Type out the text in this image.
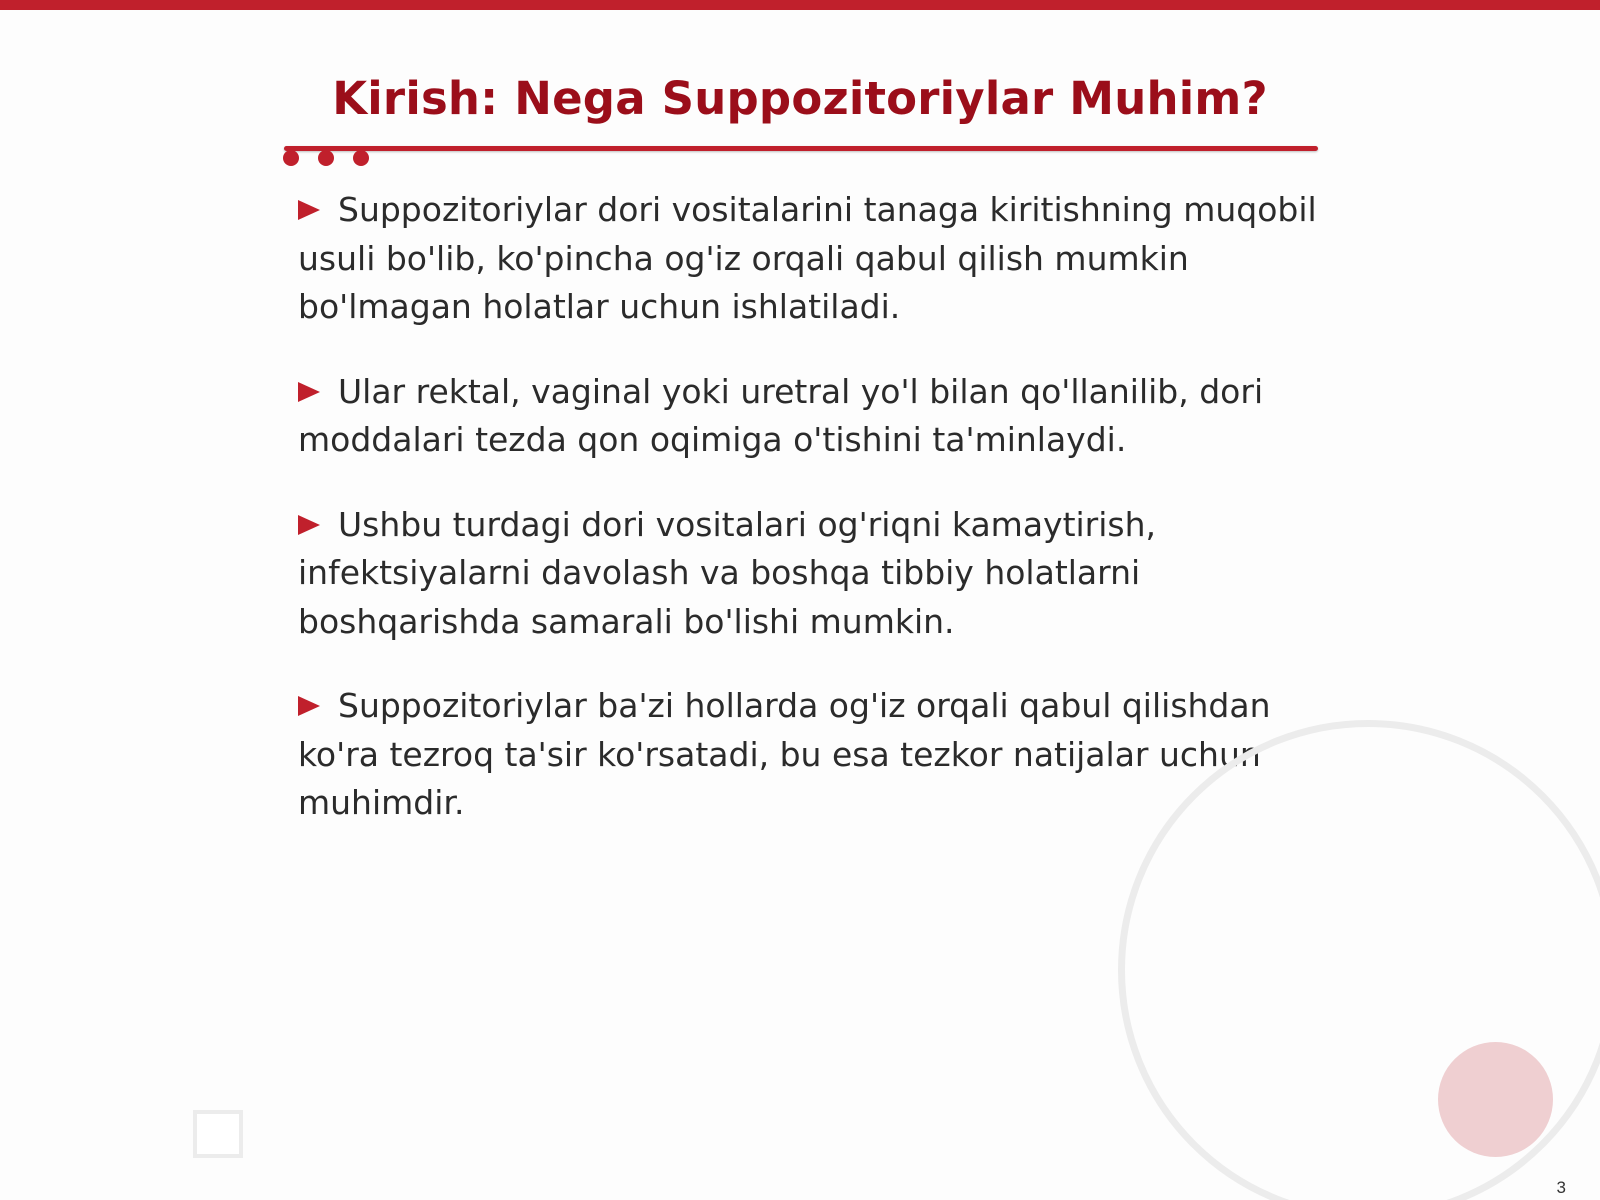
Kirish: Nega Suppozitoriylar Muhim?

Suppozitoriylar dori vositalarini tanaga kiritishning muqobil usuli bo'lib, ko'pincha og'iz orqali qabul qilish mumkin bo'lmagan holatlar uchun ishlatiladi.

Ular rektal, vaginal yoki uretral yo'l bilan qo'llanilib, dori moddalari tezda qon oqimiga o'tishini ta'minlaydi.

Ushbu turdagi dori vositalari og'riqni kamaytirish, infektsiyalarni davolash va boshqa tibbiy holatlarni boshqarishda samarali bo'lishi mumkin.

Suppozitoriylar ba'zi hollarda og'iz orqali qabul qilishdan ko'ra tezroq ta'sir ko'rsatadi, bu esa tezkor natijalar uchun muhimdir.

3
